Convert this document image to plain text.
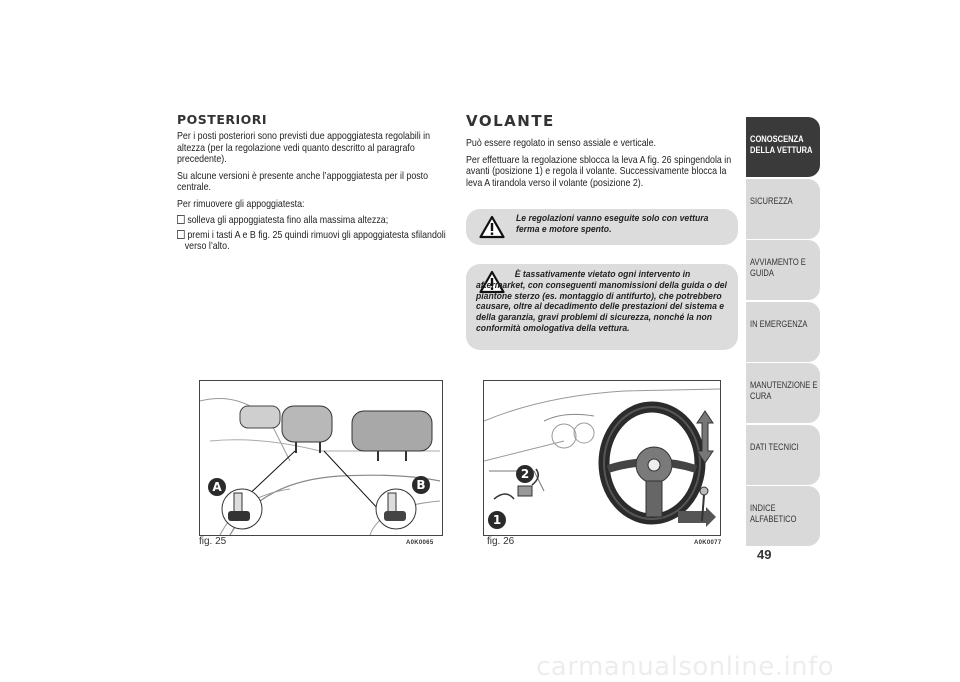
POSTERIORI

Per i posti posteriori sono previsti due appoggiatesta regolabili in altezza (per la regolazione vedi quanto descritto al paragrafo precedente).

Su alcune versioni è presente anche l’appoggiatesta per il posto centrale.

Per rimuovere gli appoggiatesta:

solleva gli appoggiatesta fino alla massima altezza;
premi i tasti A e B fig. 25 quindi rimuovi gli appoggiatesta sfilandoli verso l’alto.
VOLANTE

Può essere regolato in senso assiale e verticale.

Per effettuare la regolazione sblocca la leva A fig. 26 spingendola in avanti (posizione 1) e regola il volante. Successivamente blocca la leva A tirandola verso il volante (posizione 2).

Le regolazioni vanno eseguite solo con vettura ferma e motore spento.
È tassativamente vietato ogni intervento in aftermarket, con conseguenti manomissioni della guida o del piantone sterzo (es. montaggio di antifurto), che potrebbero causare, oltre al decadimento delle prestazioni del sistema e della garanzia, gravi problemi di sicurezza, nonché la non conformità omologativa della vettura.
A	B
fig. 25	A0K0065
2
1
fig. 26	A0K0077
CONOSCENZA DELLA VETTURA
SICUREZZA
AVVIAMENTO E GUIDA
IN EMERGENZA
MANUTENZIONE E CURA
DATI TECNICI
INDICE ALFABETICO
49
carmanualsonline.info
